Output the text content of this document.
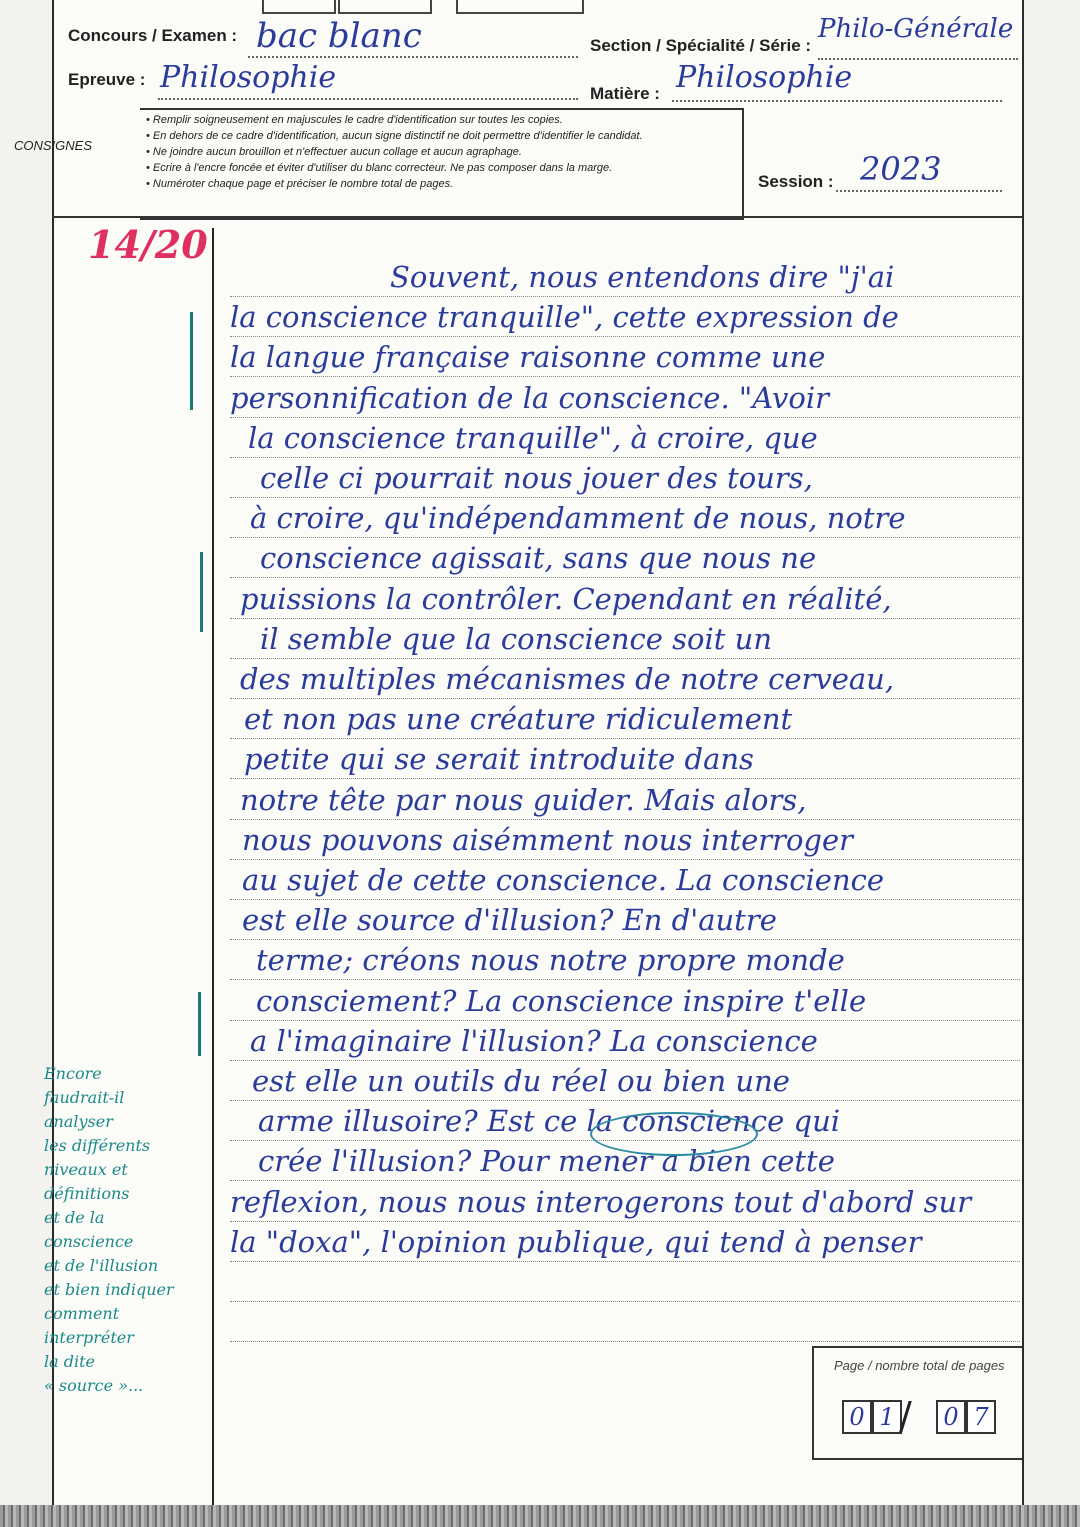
Concours / Examen : bac blanc	Section / Spécialité / Série :
Philo-Générale
Epreuve : Philosophie	Matière : Philosophie
CONSIGNES
• Remplir soigneusement en majuscules le cadre d'identification sur toutes les copies.
• En dehors de ce cadre d'identification, aucun signe distinctif ne doit permettre d'identifier le candidat.
• Ne joindre aucun brouillon et n'effectuer aucun collage et aucun agraphage.
• Ecrire à l'encre foncée et éviter d'utiliser du blanc correcteur. Ne pas composer dans la marge.
• Numéroter chaque page et préciser le nombre total de pages.	Session : 2023
14/20
Encore
faudrait-il
analyser
les différents
niveaux et
définitions
et de la
conscience
et de l'illusion
et bien indiquer
comment
interpréter
la dite
« source »...
Souvent, nous entendons dire "j'ai
la conscience tranquille", cette expression de
la langue française raisonne comme une
personnification de la conscience. "Avoir
la conscience tranquille", à croire, que
celle ci pourrait nous jouer des tours,
à croire, qu'indépendamment de nous, notre
conscience agissait, sans que nous ne
puissions la contrôler. Cependant en réalité,
il semble que la conscience soit un
des multiples mécanismes de notre cerveau,
et non pas une créature ridiculement
petite qui se serait introduite dans
notre tête par nous guider. Mais alors,
nous pouvons aisémment nous interroger
au sujet de cette conscience. La conscience
est elle source d'illusion? En d'autre
terme; créons nous notre propre monde
consciement? La conscience inspire t'elle
a l'imaginaire l'illusion? La conscience
est elle un outils du réel ou bien une
arme illusoire? Est ce la conscience qui
crée l'illusion? Pour mener a bien cette
reflexion, nous nous interogerons tout d'abord sur
la "doxa", l'opinion publique, qui tend à penser
Page / nombre total de pages
0 1 /	0 7
